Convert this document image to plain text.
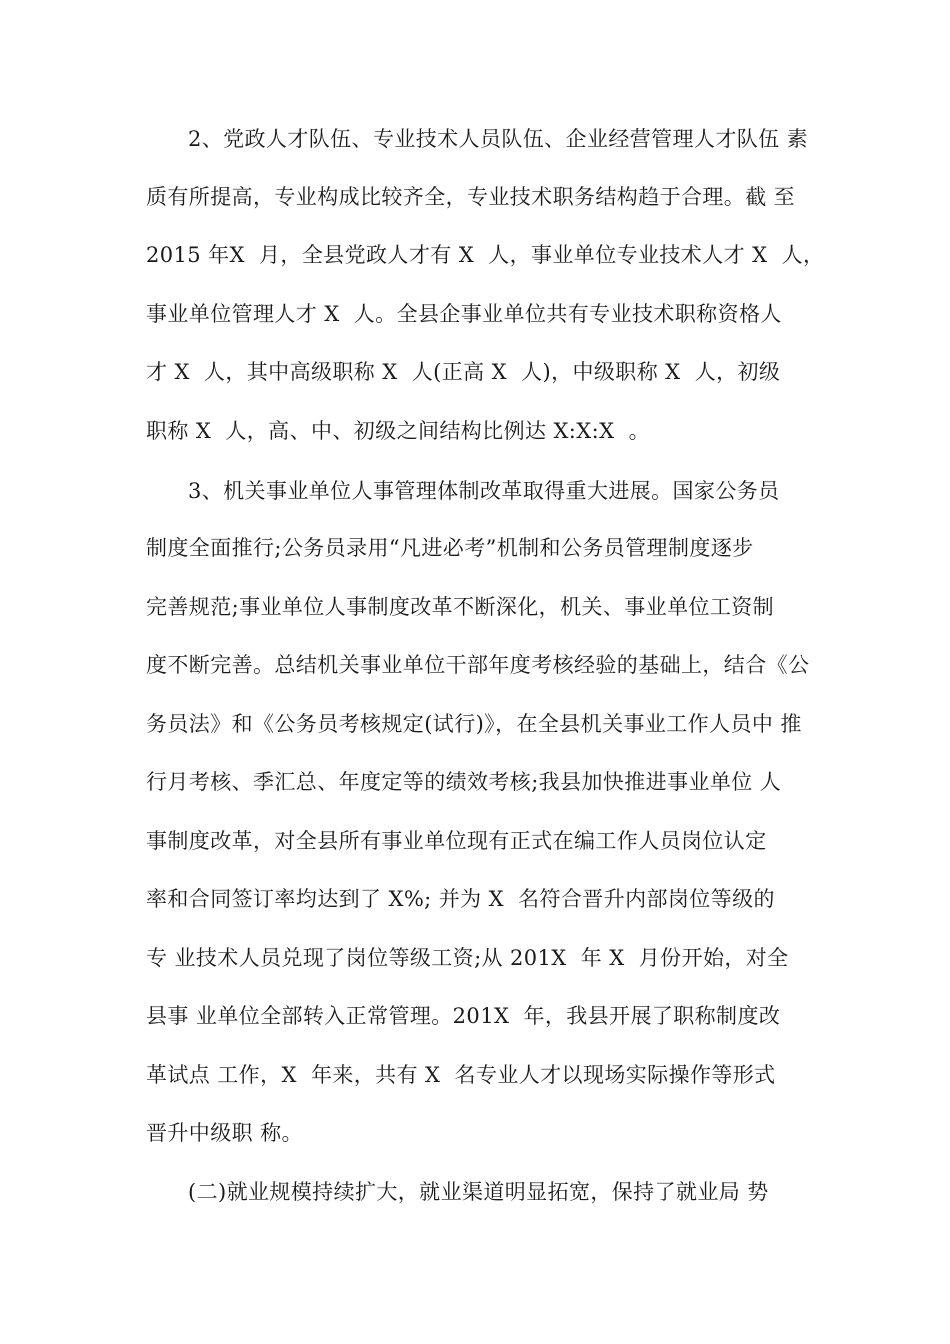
2、党政人才队伍、专业技术人员队伍、企业经营管理人才队伍 素
质有所提高，专业构成比较齐全，专业技术职务结构趋于合理。截 至
2015 年X  月，全县党政人才有 X  人，事业单位专业技术人才 X  人，
事业单位管理人才 X  人。全县企事业单位共有专业技术职称资格人
才 X  人，其中高级职称 X  人(正高 X  人)，中级职称 X  人，初级
职称 X  人，高、中、初级之间结构比例达 X:X:X  。
3、机关事业单位人事管理体制改革取得重大进展。国家公务员
制度全面推行;公务员录用“凡进必考”机制和公务员管理制度逐步
完善规范;事业单位人事制度改革不断深化，机关、事业单位工资制
度不断完善。总结机关事业单位干部年度考核经验的基础上，结合《公
务员法》和《公务员考核规定(试行)》，在全县机关事业工作人员中 推
行月考核、季汇总、年度定等的绩效考核;我县加快推进事业单位 人
事制度改革，对全县所有事业单位现有正式在编工作人员岗位认定
率和合同签订率均达到了 X%; 并为 X  名符合晋升内部岗位等级的
专 业技术人员兑现了岗位等级工资;从 201X  年 X  月份开始，对全
县事 业单位全部转入正常管理。201X  年，我县开展了职称制度改
革试点 工作，X  年来，共有 X  名专业人才以现场实际操作等形式
晋升中级职 称。
(二)就业规模持续扩大，就业渠道明显拓宽，保持了就业局 势
